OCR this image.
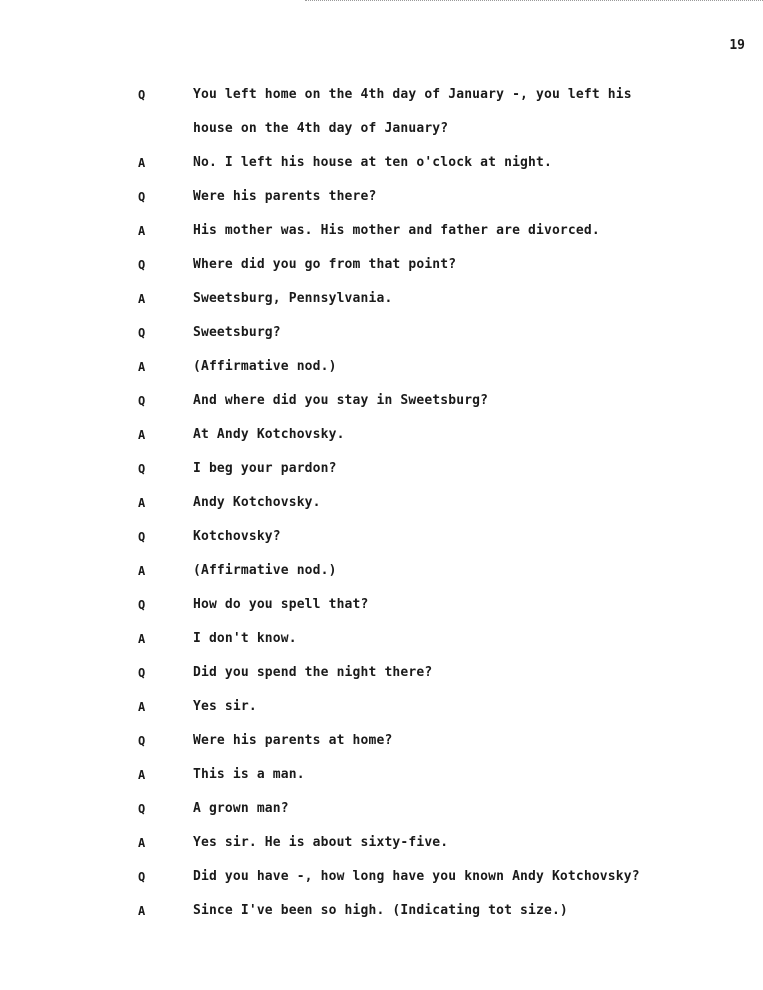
19
Q	You left home on the 4th day of January -, you left his
house on the 4th day of January?
A	No. I left his house at ten o'clock at night.
Q	Were his parents there?
A	His mother was. His mother and father are divorced.
Q	Where did you go from that point?
A	Sweetsburg, Pennsylvania.
Q	Sweetsburg?
A	(Affirmative nod.)
Q	And where did you stay in Sweetsburg?
A	At Andy Kotchovsky.
Q	I beg your pardon?
A	Andy Kotchovsky.
Q	Kotchovsky?
A	(Affirmative nod.)
Q	How do you spell that?
A	I don't know.
Q	Did you spend the night there?
A	Yes sir.
Q	Were his parents at home?
A	This is a man.
Q	A grown man?
A	Yes sir. He is about sixty-five.
Q	Did you have -, how long have you known Andy Kotchovsky?
A	Since I've been so high. (Indicating tot size.)
